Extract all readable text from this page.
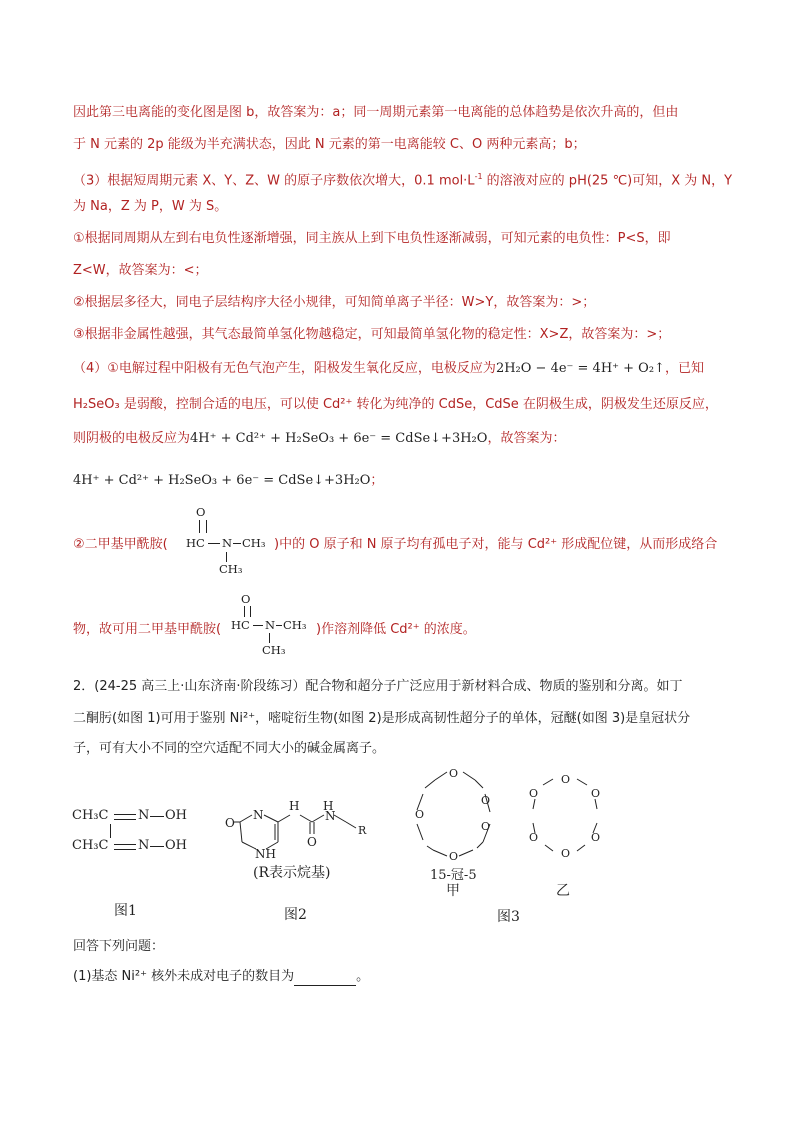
因此第三电离能的变化图是图 b，故答案为：a；同一周期元素第一电离能的总体趋势是依次升高的，但由
于 N 元素的 2p 能级为半充满状态，因此 N 元素的第一电离能较 C、O 两种元素高；b；
（3）根据短周期元素 X、Y、Z、W 的原子序数依次增大，0.1 $mol\cdot L^{-1}$ 的溶液对应的 pH(25 ℃)可知，X 为 N，Y
为 Na，Z 为 P，W 为 S。
①根据同周期从左到右电负性逐渐增强，同主族从上到下电负性逐渐减弱，可知元素的电负性：P<S，即
Z<W，故答案为：<；
②根据层多径大，同电子层结构序大径小规律，可知简单离子半径：W>Y，故答案为：>；
③根据非金属性越强，其气态最简单氢化物越稳定，可知最简单氢化物的稳定性：X>Z，故答案为：>；
（4）①电解过程中阳极有无色气泡产生，阳极发生氧化反应，电极反应为2H₂O − 4e⁻ = 4H⁺ + O₂↑，已知
H₂SeO₃ 是弱酸，控制合适的电压，可以使 Cd²⁺ 转化为纯净的 CdSe，CdSe 在阴极生成，阴极发生还原反应，
则阴极的电极反应为4H⁺ + Cd²⁺ + H₂SeO₃ + 6e⁻ = CdSe↓+3H₂O，故答案为：
4H⁺ + Cd²⁺ + H₂SeO₃ + 6e⁻ = CdSe↓+3H₂O；
②二甲基甲酰胺(
O
HC N CH₃
CH₃
)中的 O 原子和 N 原子均有孤电子对，能与 Cd²⁺ 形成配位键，从而形成络合
物，故可用二甲基甲酰胺(
O
HC N CH₃
CH₃
)作溶剂降低 Cd²⁺ 的浓度。
2．(24-25 高三上·山东济南·阶段练习）配合物和超分子广泛应用于新材料合成、物质的鉴别和分离。如丁
二酮肟(如图 1)可用于鉴别 Ni²⁺，嘧啶衍生物(如图 2)是形成高韧性超分子的单体，冠醚(如图 3)是皇冠状分
子，可有大小不同的空穴适配不同大小的碱金属离子。
CH₃C N OH
CH₃C N OH
图1
O
N
NH
H H
N
O
R
(R表示烷基)
图2
O
O
O
O
O
15-冠-5
甲
O
O
O
O
O
O
乙
图3
回答下列问题：
(1)基态 Ni²⁺ 核外未成对电子的数目为	。
